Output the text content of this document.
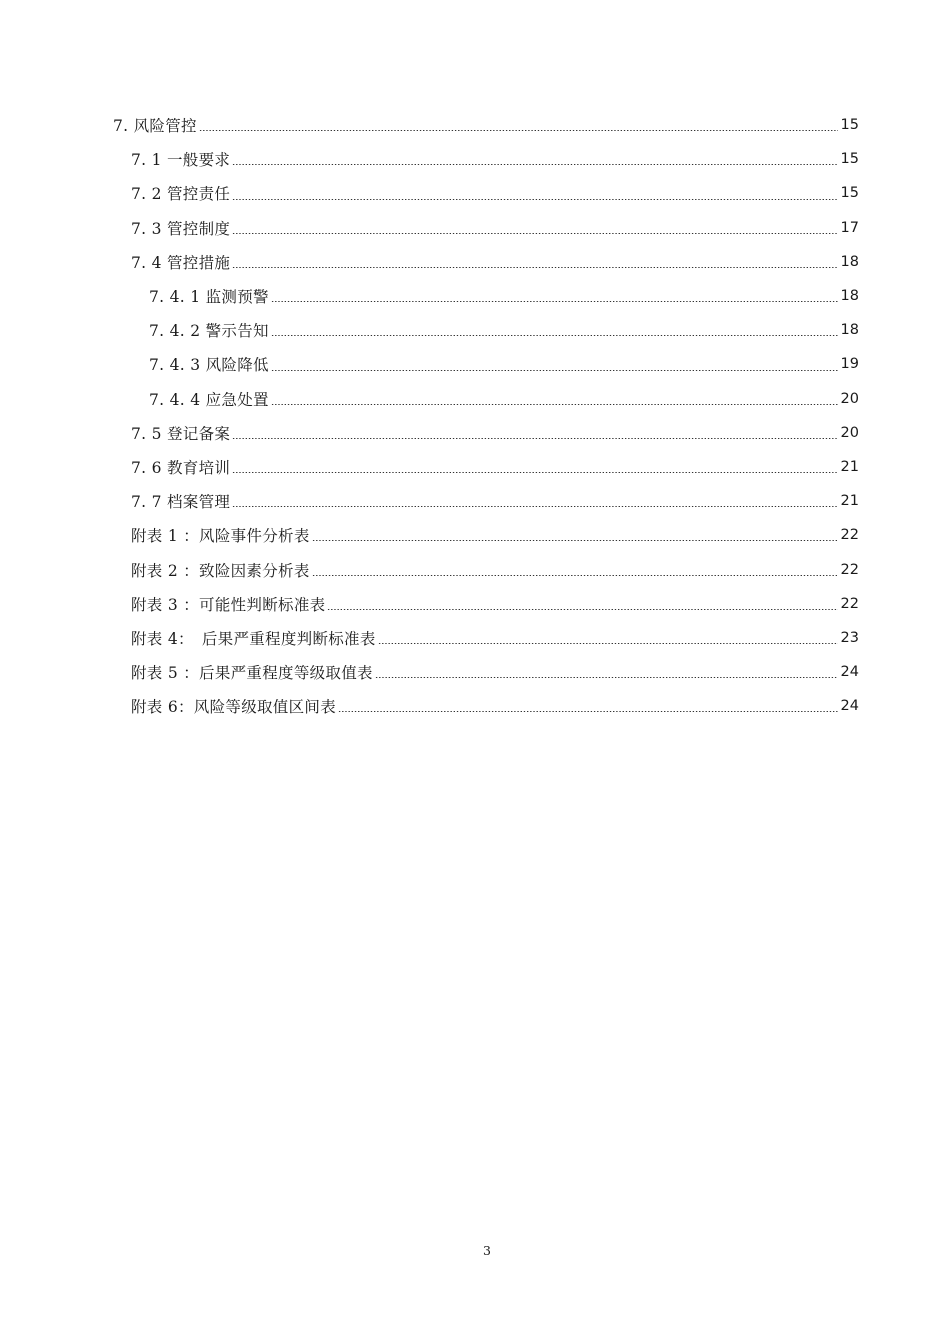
7. 风险管控	15
7. 1 一般要求	15
7. 2 管控责任	15
7. 3 管控制度	17
7. 4 管控措施	18
7. 4. 1 监测预警	18
7. 4. 2 警示告知	18
7. 4. 3 风险降低	19
7. 4. 4 应急处置	20
7. 5 登记备案	20
7. 6 教育培训	21
7. 7 档案管理	21
附表 1 ：风险事件分析表	22
附表 2 ：致险因素分析表	22
附表 3 ：可能性判断标准表	22
附表 4：　后果严重程度判断标准表	23
附表 5 ：后果严重程度等级取值表	24
附表 6：风险等级取值区间表	24
3
